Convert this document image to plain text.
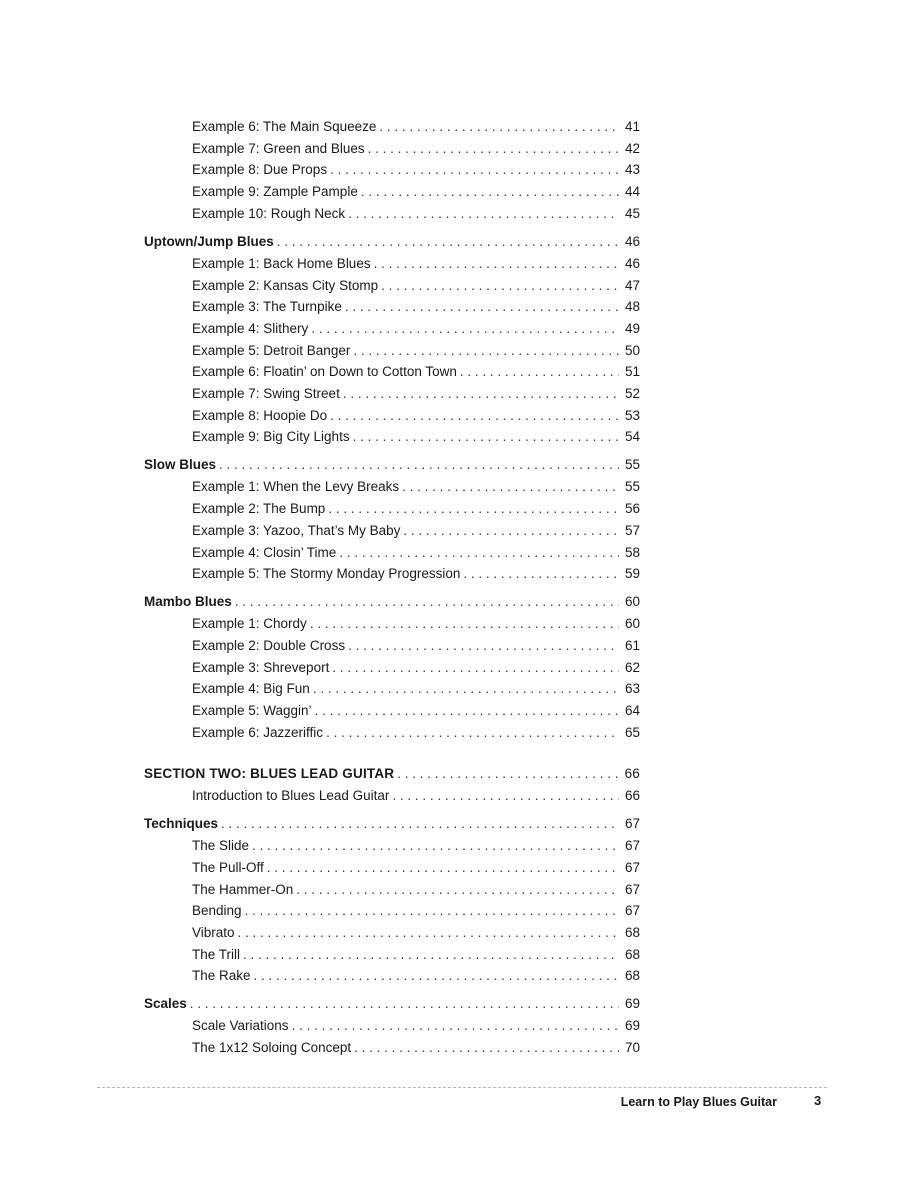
Example 6: The Main Squeeze . . .	41
Example 7: Green and Blues . . .	42
Example 8: Due Props . . .	43
Example 9: Zample Pample . . .	44
Example 10: Rough Neck . . .	45
Uptown/Jump Blues . . .	46
Example 1: Back Home Blues . . .	46
Example 2: Kansas City Stomp . . .	47
Example 3: The Turnpike . . .	48
Example 4: Slithery . . .	49
Example 5: Detroit Banger . . .	50
Example 6: Floatin’ on Down to Cotton Town . . .	51
Example 7: Swing Street . . .	52
Example 8: Hoopie Do . . .	53
Example 9: Big City Lights . . .	54
Slow Blues . . .	55
Example 1: When the Levy Breaks . . .	55
Example 2: The Bump . . .	56
Example 3: Yazoo, That’s My Baby . . .	57
Example 4: Closin’ Time . . .	58
Example 5: The Stormy Monday Progression . . .	59
Mambo Blues . . .	60
Example 1: Chordy . . .	60
Example 2: Double Cross . . .	61
Example 3: Shreveport . . .	62
Example 4: Big Fun . . .	63
Example 5: Waggin’ . . .	64
Example 6: Jazzeriffic . . .	65
SECTION TWO: BLUES LEAD GUITAR . . .	66
Introduction to Blues Lead Guitar . . .	66
Techniques . . .	67
The Slide . . .	67
The Pull-Off . . .	67
The Hammer-On . . .	67
Bending . . .	67
Vibrato . . .	68
The Trill . . .	68
The Rake . . .	68
Scales . . .	69
Scale Variations . . .	69
The 1x12 Soloing Concept . . .	70
Learn to Play Blues Guitar	3
